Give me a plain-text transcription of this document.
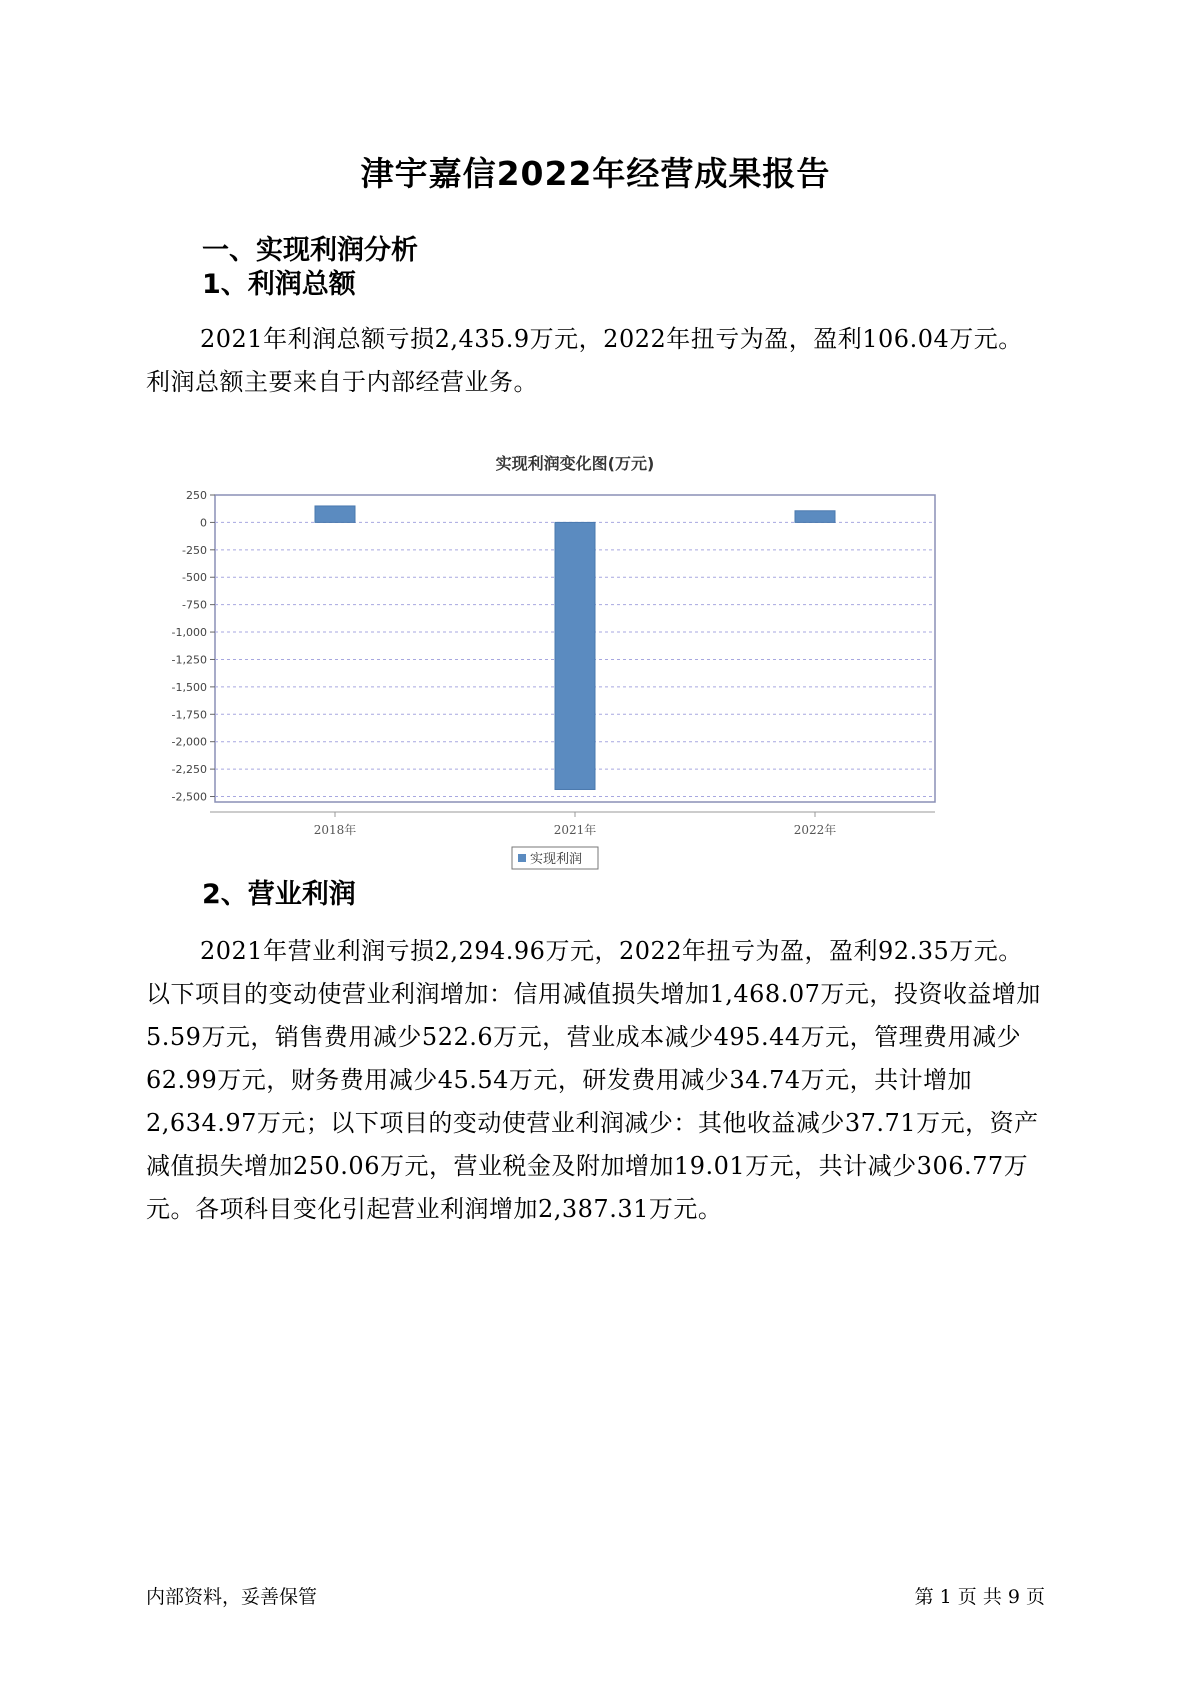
津宇嘉信2022年经营成果报告
一、实现利润分析
1、利润总额

2021年利润总额亏损2,435.9万元，2022年扭亏为盈，盈利106.04万元。利润总额主要来自于内部经营业务。

实现利润变化图(万元)
250
0
-250
-500
-750
-1,000
-1,250
-1,500
-1,750
-2,000
-2,250
-2,500
2018年	2021年	2022年
实现利润
2、营业利润

2021年营业利润亏损2,294.96万元，2022年扭亏为盈，盈利92.35万元。以下项目的变动使营业利润增加：信用减值损失增加1,468.07万元，投资收益增加5.59万元，销售费用减少522.6万元，营业成本减少495.44万元，管理费用减少62.99万元，财务费用减少45.54万元，研发费用减少34.74万元，共计增加2,634.97万元；以下项目的变动使营业利润减少：其他收益减少37.71万元，资产减值损失增加250.06万元，营业税金及附加增加19.01万元，共计减少306.77万元。各项科目变化引起营业利润增加2,387.31万元。

内部资料，妥善保管	第 1 页 共 9 页
